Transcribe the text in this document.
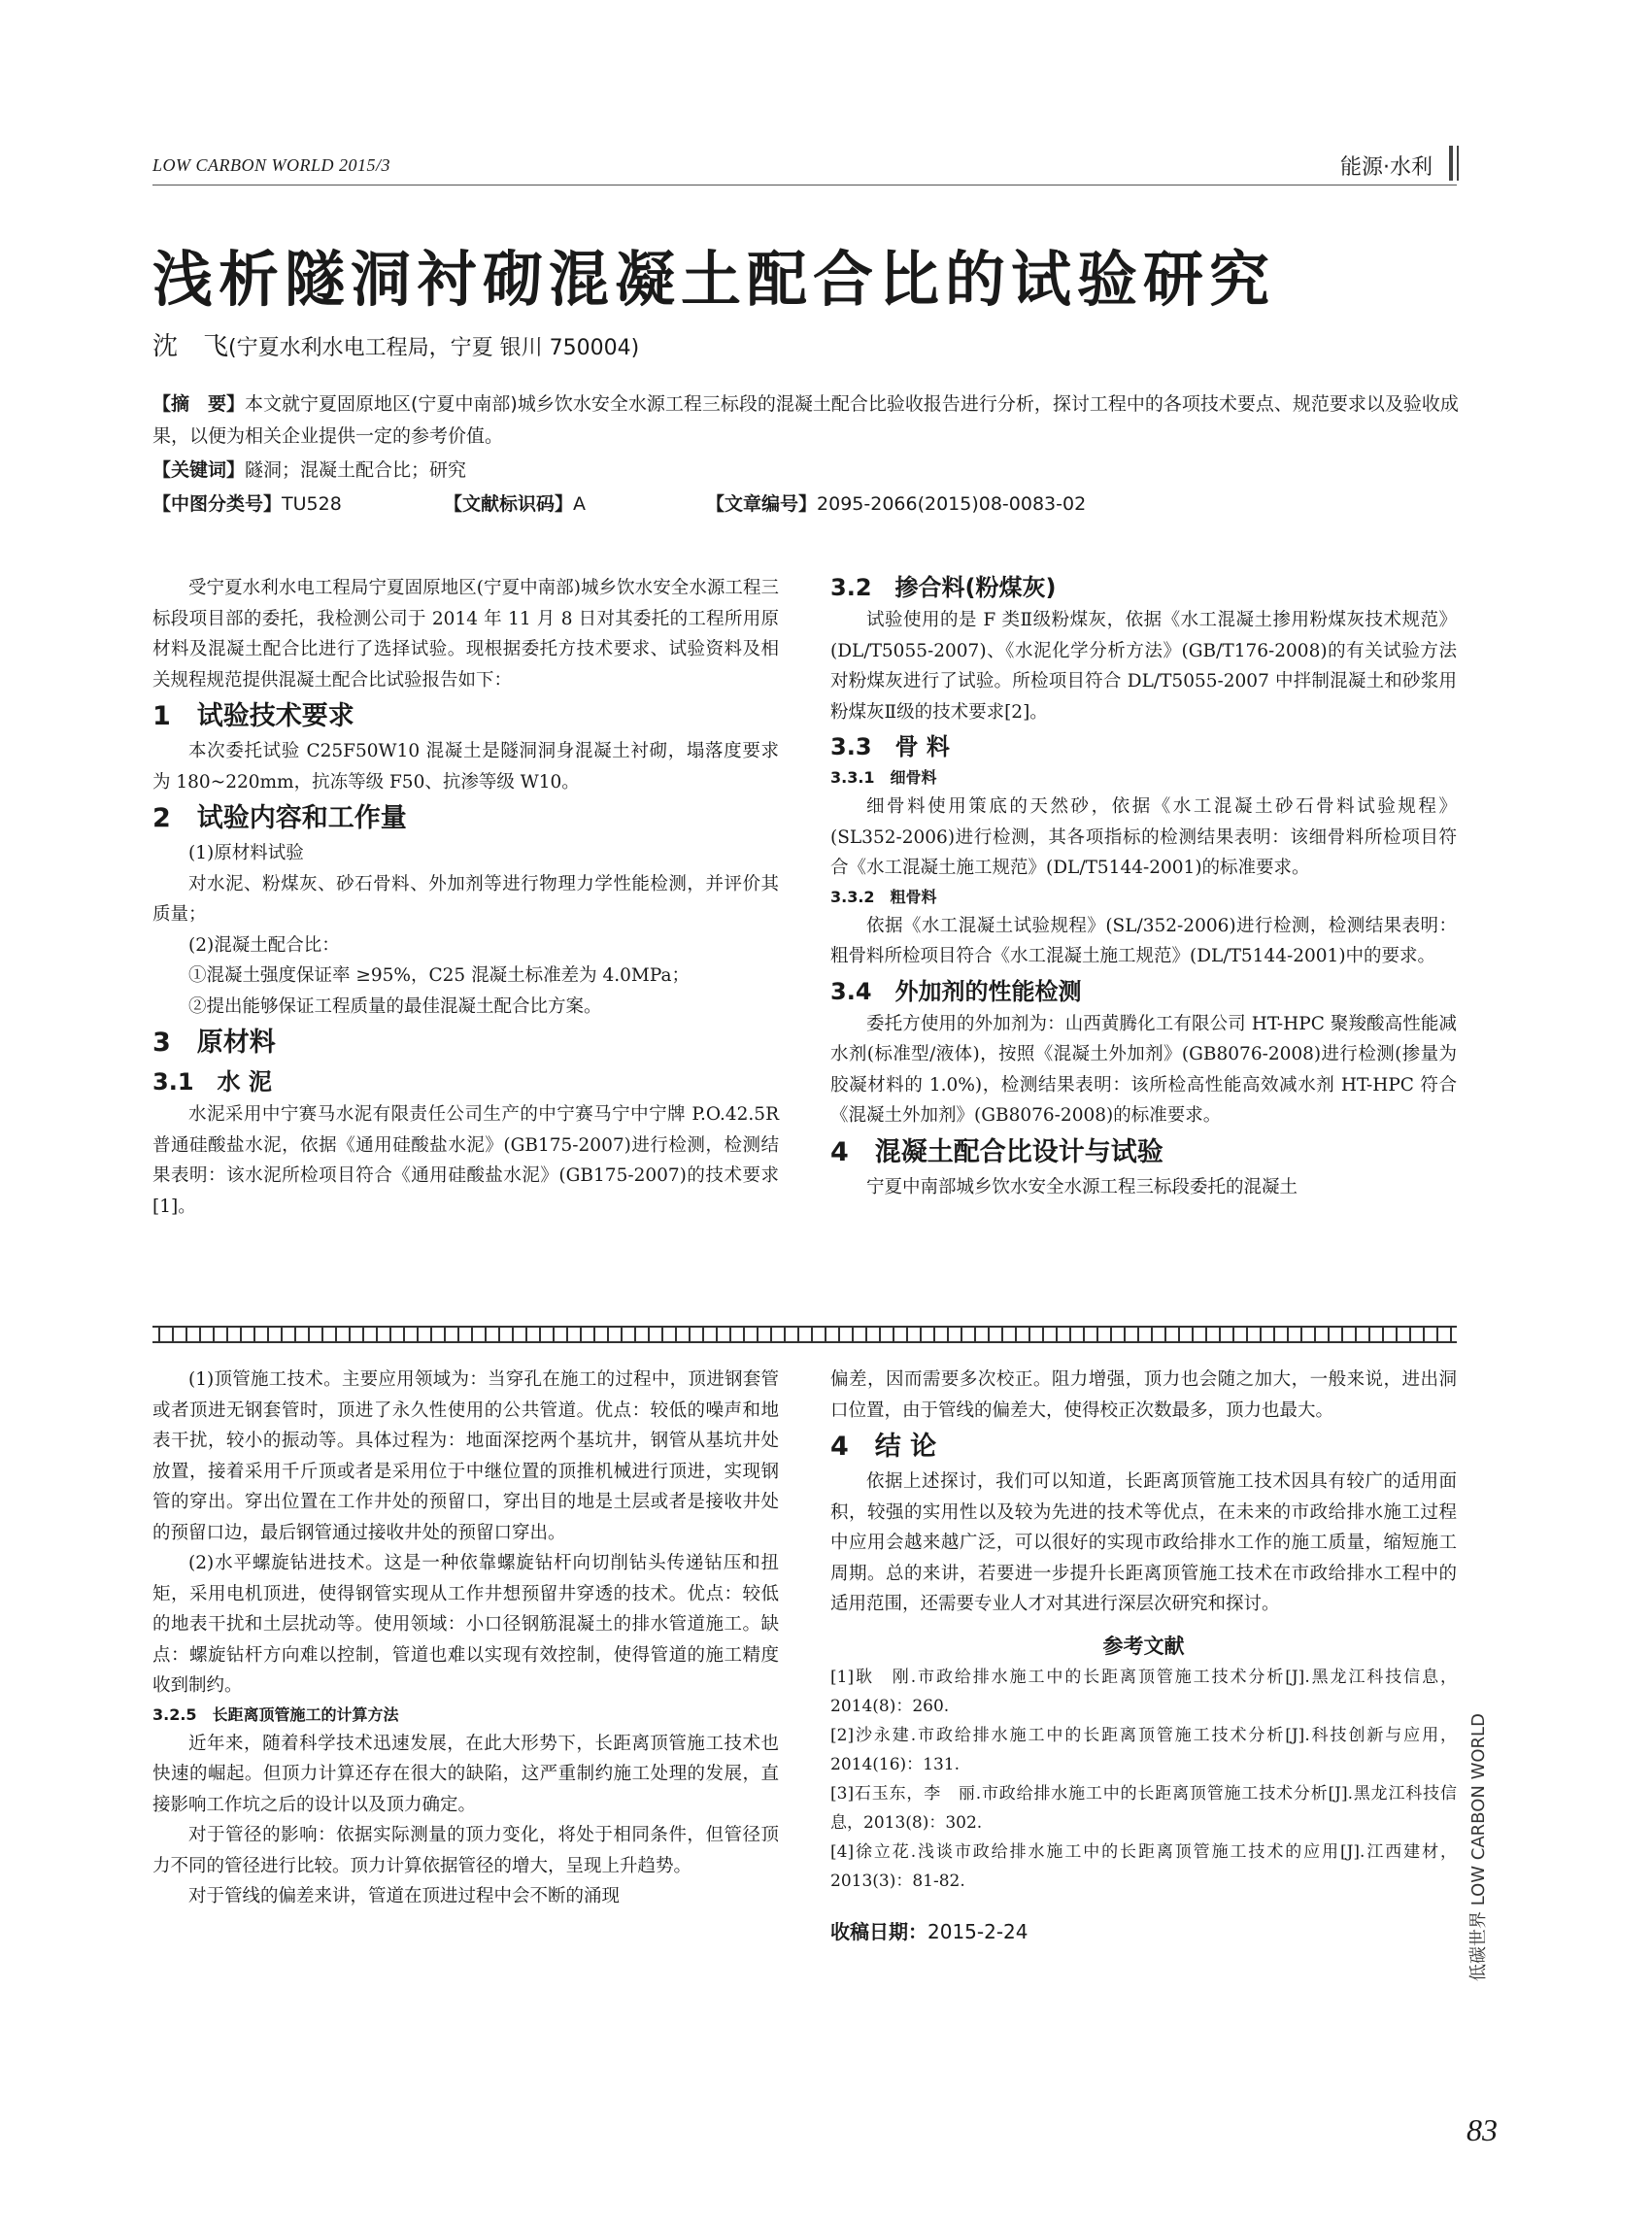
LOW CARBON WORLD 2015/3	能源·水利
浅析隧洞衬砌混凝土配合比的试验研究
沈　飞(宁夏水利水电工程局，宁夏 银川 750004)
【摘　要】本文就宁夏固原地区(宁夏中南部)城乡饮水安全水源工程三标段的混凝土配合比验收报告进行分析，探讨工程中的各项技术要点、规范要求以及验收成果，以便为相关企业提供一定的参考价值。
【关键词】隧洞；混凝土配合比；研究
【中图分类号】TU528	【文献标识码】A	【文章编号】2095-2066(2015)08-0083-02

受宁夏水利水电工程局宁夏固原地区(宁夏中南部)城乡饮水安全水源工程三标段项目部的委托，我检测公司于 2014 年 11 月 8 日对其委托的工程所用原材料及混凝土配合比进行了选择试验。现根据委托方技术要求、试验资料及相关规程规范提供混凝土配合比试验报告如下：

1　试验技术要求

本次委托试验 C25F50W10 混凝土是隧洞洞身混凝土衬砌，塌落度要求为 180~220mm，抗冻等级 F50、抗渗等级 W10。

2　试验内容和工作量

(1)原材料试验

对水泥、粉煤灰、砂石骨料、外加剂等进行物理力学性能检测，并评价其质量；

(2)混凝土配合比：

①混凝土强度保证率 ≥95%，C25 混凝土标准差为 4.0MPa；

②提出能够保证工程质量的最佳混凝土配合比方案。

3　原材料
3.1　水 泥

水泥采用中宁赛马水泥有限责任公司生产的中宁赛马宁中宁牌 P.O.42.5R 普通硅酸盐水泥，依据《通用硅酸盐水泥》(GB175-2007)进行检测，检测结果表明：该水泥所检项目符合《通用硅酸盐水泥》(GB175-2007)的技术要求[1]。

3.2　掺合料(粉煤灰)

试验使用的是 F 类Ⅱ级粉煤灰，依据《水工混凝土掺用粉煤灰技术规范》(DL/T5055-2007)、《水泥化学分析方法》(GB/T176-2008)的有关试验方法对粉煤灰进行了试验。所检项目符合 DL/T5055-2007 中拌制混凝土和砂浆用粉煤灰Ⅱ级的技术要求[2]。

3.3　骨 料
3.3.1　细骨料

细骨料使用策底的天然砂，依据《水工混凝土砂石骨料试验规程》(SL352-2006)进行检测，其各项指标的检测结果表明：该细骨料所检项目符合《水工混凝土施工规范》(DL/T5144-2001)的标准要求。

3.3.2　粗骨料

依据《水工混凝土试验规程》(SL/352-2006)进行检测，检测结果表明：粗骨料所检项目符合《水工混凝土施工规范》(DL/T5144-2001)中的要求。

3.4　外加剂的性能检测

委托方使用的外加剂为：山西黄腾化工有限公司 HT-HPC 聚羧酸高性能减水剂(标准型/液体)，按照《混凝土外加剂》(GB8076-2008)进行检测(掺量为胶凝材料的 1.0%)，检测结果表明：该所检高性能高效减水剂 HT-HPC 符合《混凝土外加剂》(GB8076-2008)的标准要求。

4　混凝土配合比设计与试验

宁夏中南部城乡饮水安全水源工程三标段委托的混凝土

(1)顶管施工技术。主要应用领域为：当穿孔在施工的过程中，顶进钢套管或者顶进无钢套管时，顶进了永久性使用的公共管道。优点：较低的噪声和地表干扰，较小的振动等。具体过程为：地面深挖两个基坑井，钢管从基坑井处放置，接着采用千斤顶或者是采用位于中继位置的顶推机械进行顶进，实现钢管的穿出。穿出位置在工作井处的预留口，穿出目的地是土层或者是接收井处的预留口边，最后钢管通过接收井处的预留口穿出。

(2)水平螺旋钻进技术。这是一种依靠螺旋钻杆向切削钻头传递钻压和扭矩，采用电机顶进，使得钢管实现从工作井想预留井穿透的技术。优点：较低的地表干扰和土层扰动等。使用领域：小口径钢筋混凝土的排水管道施工。缺点：螺旋钻杆方向难以控制，管道也难以实现有效控制，使得管道的施工精度收到制约。

3.2.5　长距离顶管施工的计算方法

近年来，随着科学技术迅速发展，在此大形势下，长距离顶管施工技术也快速的崛起。但顶力计算还存在很大的缺陷，这严重制约施工处理的发展，直接影响工作坑之后的设计以及顶力确定。

对于管径的影响：依据实际测量的顶力变化，将处于相同条件，但管径顶力不同的管径进行比较。顶力计算依据管径的增大，呈现上升趋势。

对于管线的偏差来讲，管道在顶进过程中会不断的涌现

偏差，因而需要多次校正。阻力增强，顶力也会随之加大，一般来说，进出洞口位置，由于管线的偏差大，使得校正次数最多，顶力也最大。

4　结 论

依据上述探讨，我们可以知道，长距离顶管施工技术因具有较广的适用面积，较强的实用性以及较为先进的技术等优点，在未来的市政给排水施工过程中应用会越来越广泛，可以很好的实现市政给排水工作的施工质量，缩短施工周期。总的来讲，若要进一步提升长距离顶管施工技术在市政给排水工程中的适用范围，还需要专业人才对其进行深层次研究和探讨。

参考文献

[1]耿　刚.市政给排水施工中的长距离顶管施工技术分析[J].黑龙江科技信息，2014(8)：260.

[2]沙永建.市政给排水施工中的长距离顶管施工技术分析[J].科技创新与应用，2014(16)：131.

[3]石玉东，李　丽.市政给排水施工中的长距离顶管施工技术分析[J].黑龙江科技信息，2013(8)：302.

[4]徐立花.浅谈市政给排水施工中的长距离顶管施工技术的应用[J].江西建材，2013(3)：81-82.

收稿日期：2015-2-24	低碳世界 LOW CARBON WORLD
83
